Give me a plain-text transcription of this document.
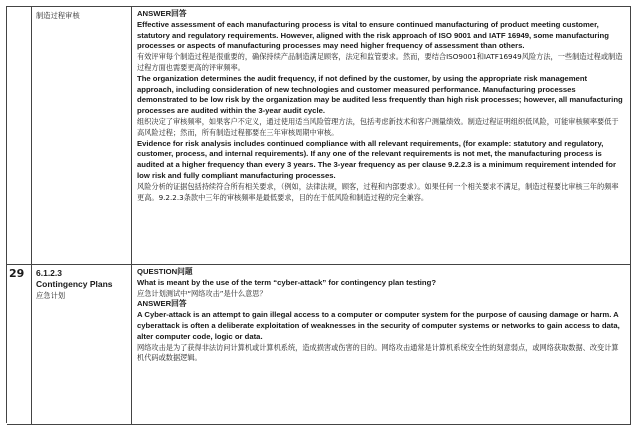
制造过程审核	ANSWER回答

Effective assessment of each manufacturing process is vital to ensure continued manufacturing of product meeting customer, statutory and regulatory requirements. However, aligned with the risk approach of ISO 9001 and IATF 16949, some manufacturing processes or aspects of manufacturing processes may need higher frequency of assessment than others.

有效评审每个制造过程是很重要的，确保持续产品制造满足顾客，法定和监管要求。然而，要结合ISO9001和IATF16949风险方法，一些制造过程或制造过程方面也需要更高的评审频率。

The organization determines the audit frequency, if not defined by the customer, by using the appropriate risk management approach, including consideration of new technologies and customer measured performance. Manufacturing processes demonstrated to be low risk by the organization may be audited less frequently than high risk processes; however, all manufacturing processes are audited within the 3-year audit cycle.

组织决定了审核频率，如果客户不定义，通过使用适当风险管理方法，包括考虑新技术和客户测量绩效。制造过程证明组织低风险，可能审核频率要低于高风险过程；然而，所有制造过程都要在三年审核周期中审核。

Evidence for risk analysis includes continued compliance with all relevant requirements, (for example: statutory and regulatory, customer, process, and internal requirements). If any one of the relevant requirements is not met, the manufacturing process is audited at a higher frequency than every 3 years. The 3-year frequency as per clause 9.2.2.3 is a minimum requirement intended for low risk and fully compliant manufacturing processes.

风险分析的证据包括持续符合所有相关要求，（例如，法律法规，顾客，过程和内部要求）。如果任何一个相关要求不满足，制造过程要比审核三年的频率更高。9.2.2.3条款中三年的审核频率是最低要求，目的在于低风险和制造过程的完全兼容。

29	6.1.2.3
Contingency Plans
应急计划
QUESTION问题

What is meant by the use of the term “cyber-attack” for contingency plan testing?

应急计划测试中“网络攻击”是什么意思？

ANSWER回答

A Cyber-attack is an attempt to gain illegal access to a computer or computer system for the purpose of causing damage or harm. A cyberattack is often a deliberate exploitation of weaknesses in the security of computer systems or networks to gain access to data, alter computer code, logic or data.

网络攻击是为了获得非法访问计算机或计算机系统，造成损害或伤害的目的。网络攻击通常是计算机系统安全性的刻意弱点，或网络获取数据、改变计算机代码或数据逻辑。
